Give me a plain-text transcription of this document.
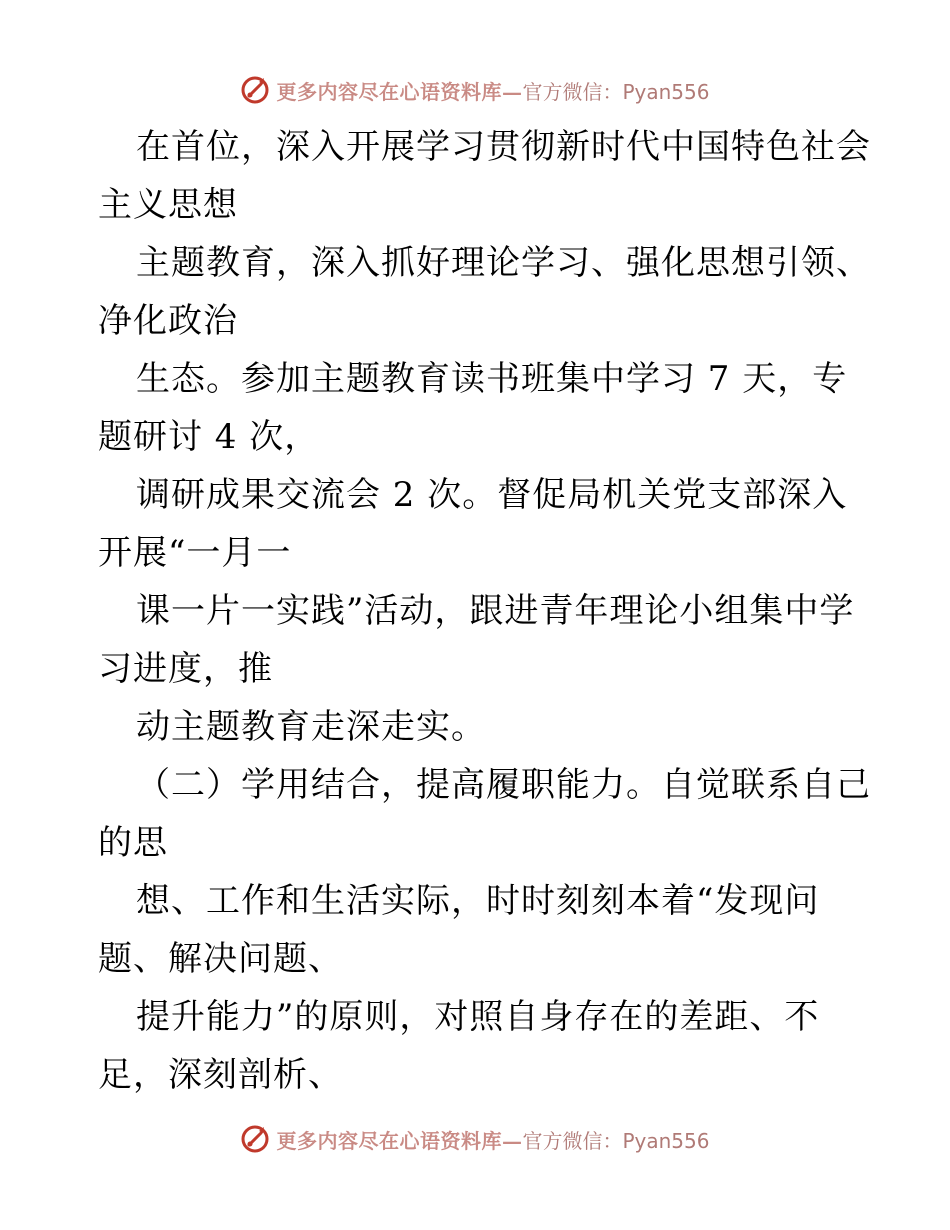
更多内容尽在心语资料库— 官方微信：Pyan556
在首位，深入开展学习贯彻新时代中国特色社会
主义思想
主题教育，深入抓好理论学习、强化思想引领、
净化政治
生态。参加主题教育读书班集中学习 7 天，专
题研讨 4 次，
调研成果交流会 2 次。督促局机关党支部深入
开展“一月一
课一片一实践”活动，跟进青年理论小组集中学
习进度，推
动主题教育走深走实。
（二）学用结合，提高履职能力。自觉联系自己
的思
想、工作和生活实际，时时刻刻本着“发现问
题、解决问题、
提升能力”的原则，对照自身存在的差距、不
足，深刻剖析、
更多内容尽在心语资料库— 官方微信：Pyan556
